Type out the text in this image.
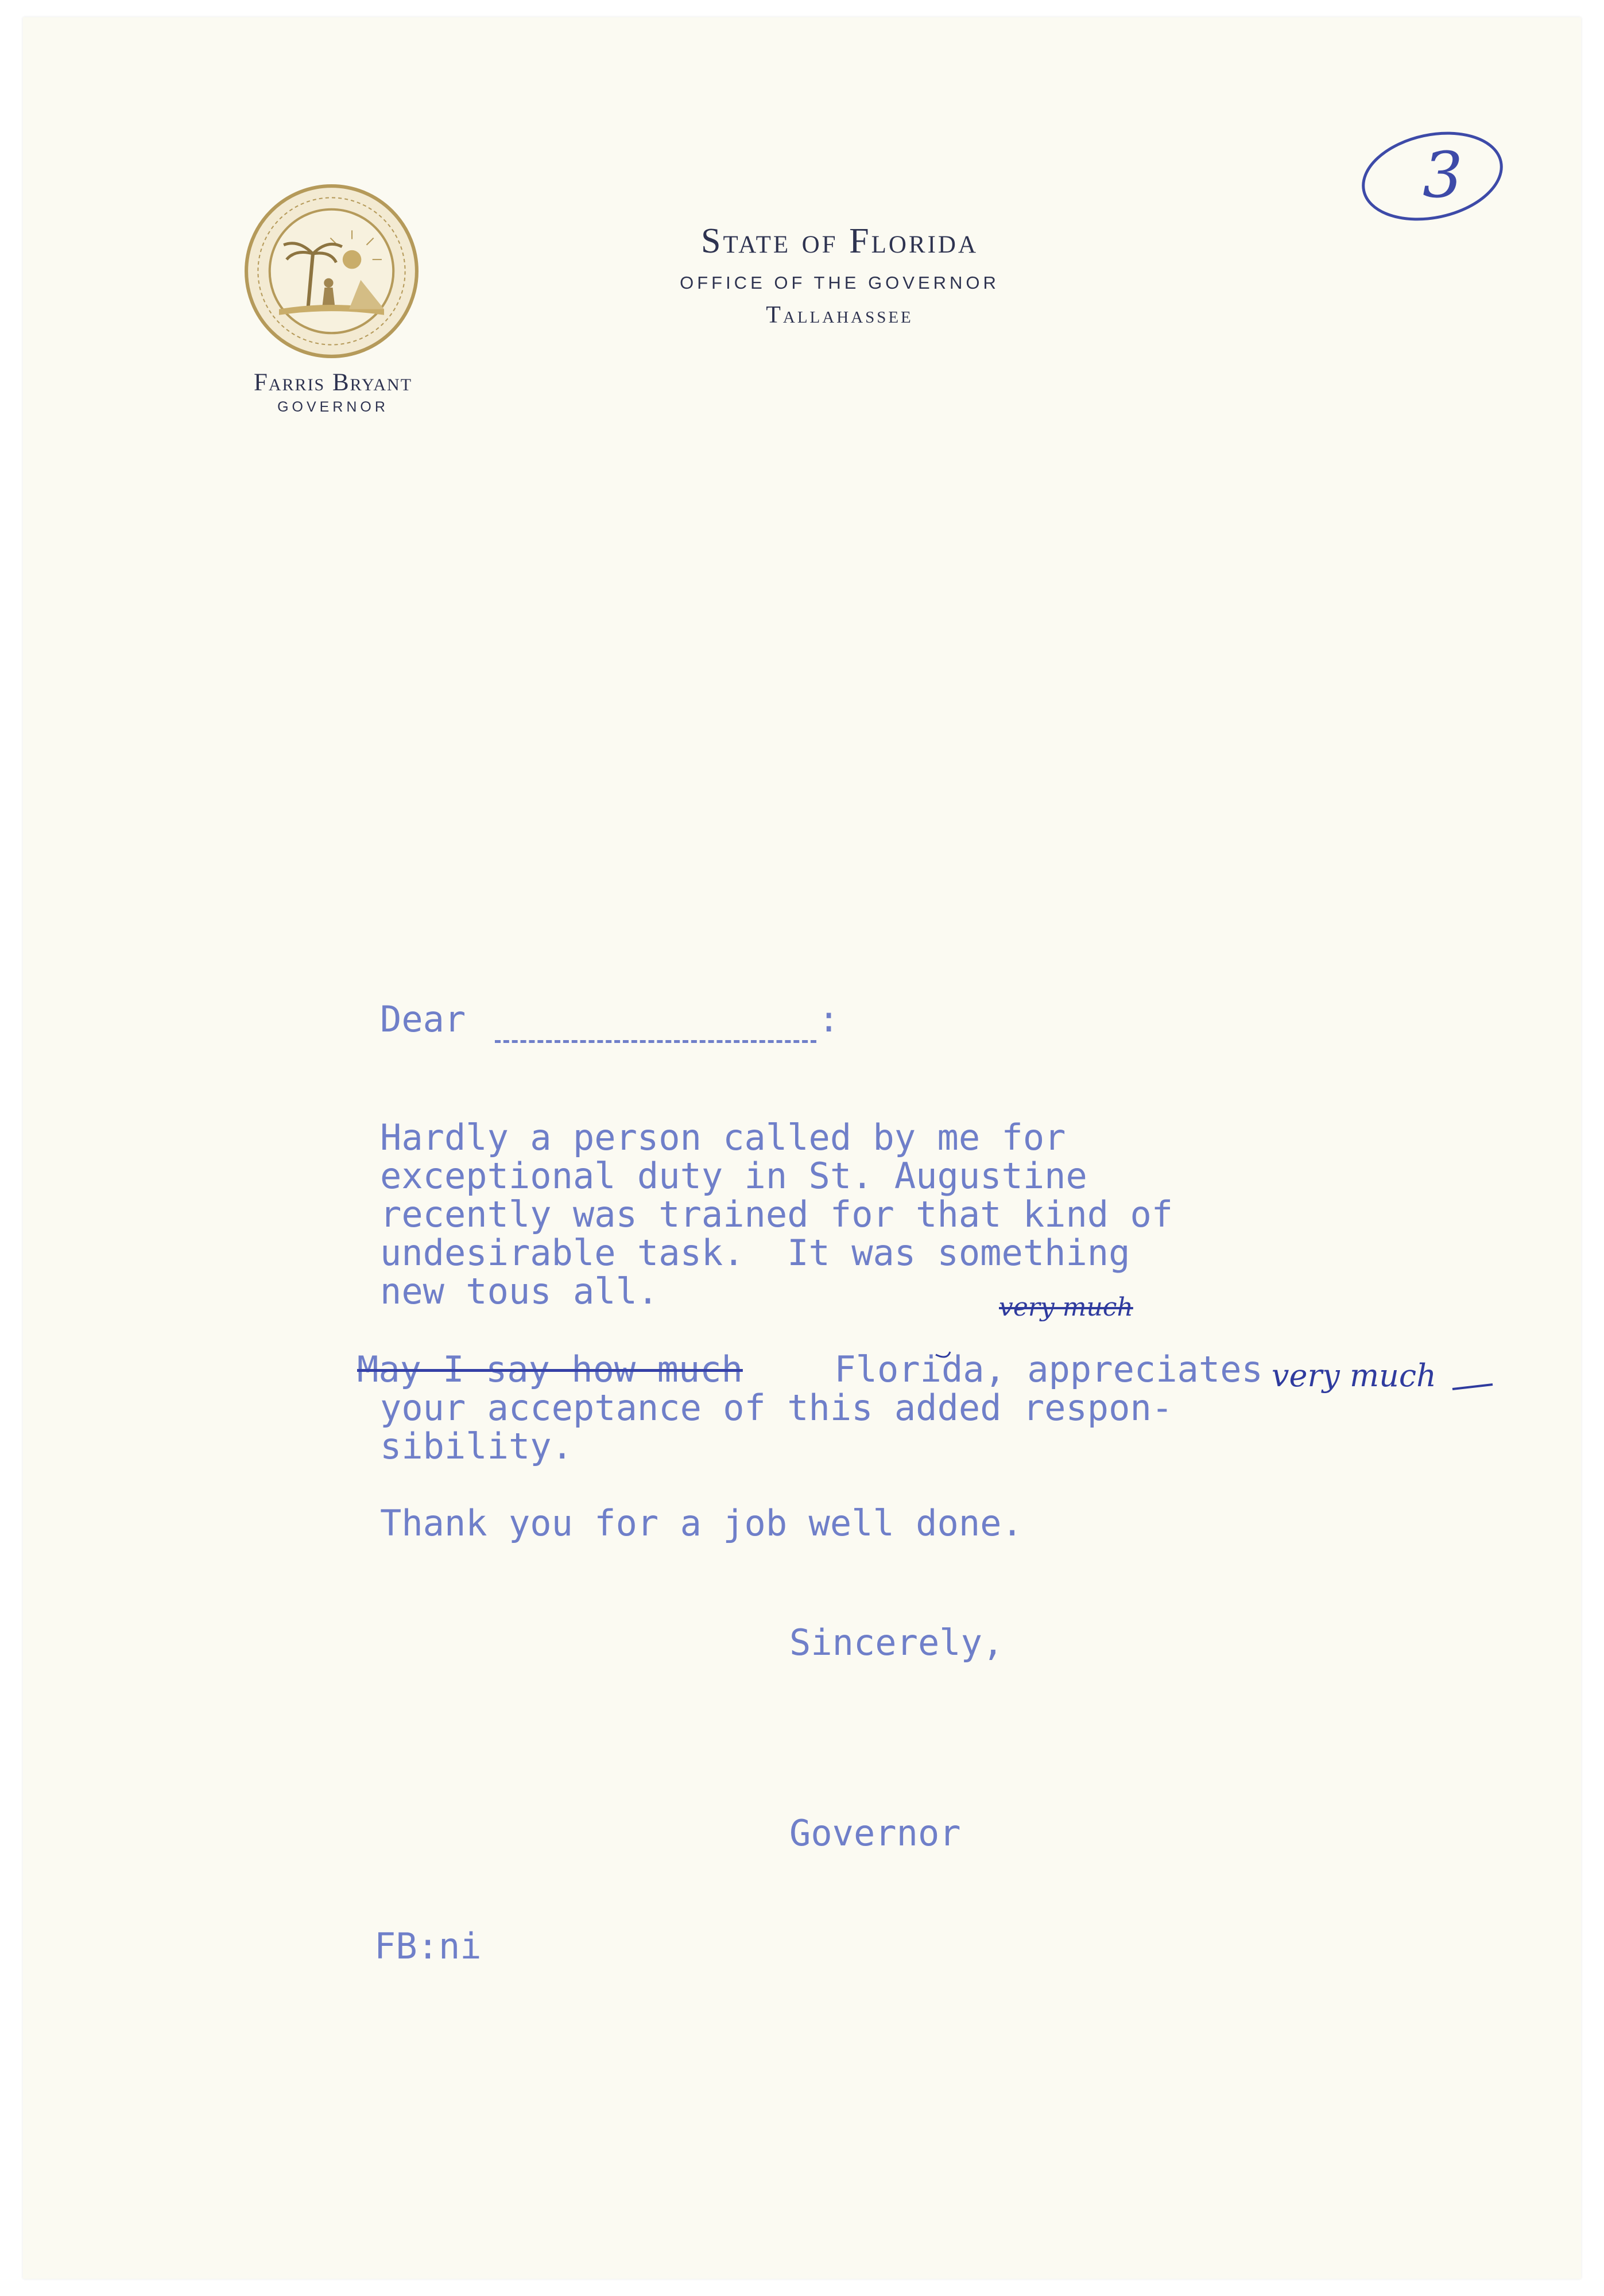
Farris Bryant
GOVERNOR
State of Florida
OFFICE OF THE GOVERNOR
Tallahassee
3
Dear	:
Hardly a person called by me for
exceptional duty in St. Augustine
recently was trained for that kind of
undesirable task.  It was something
new tous all.
May I say how much Florida, appreciates
your acceptance of this added respon-
sibility.
very much
very much
Thank you for a job well done.
Sincerely,
Governor
FB:ni
